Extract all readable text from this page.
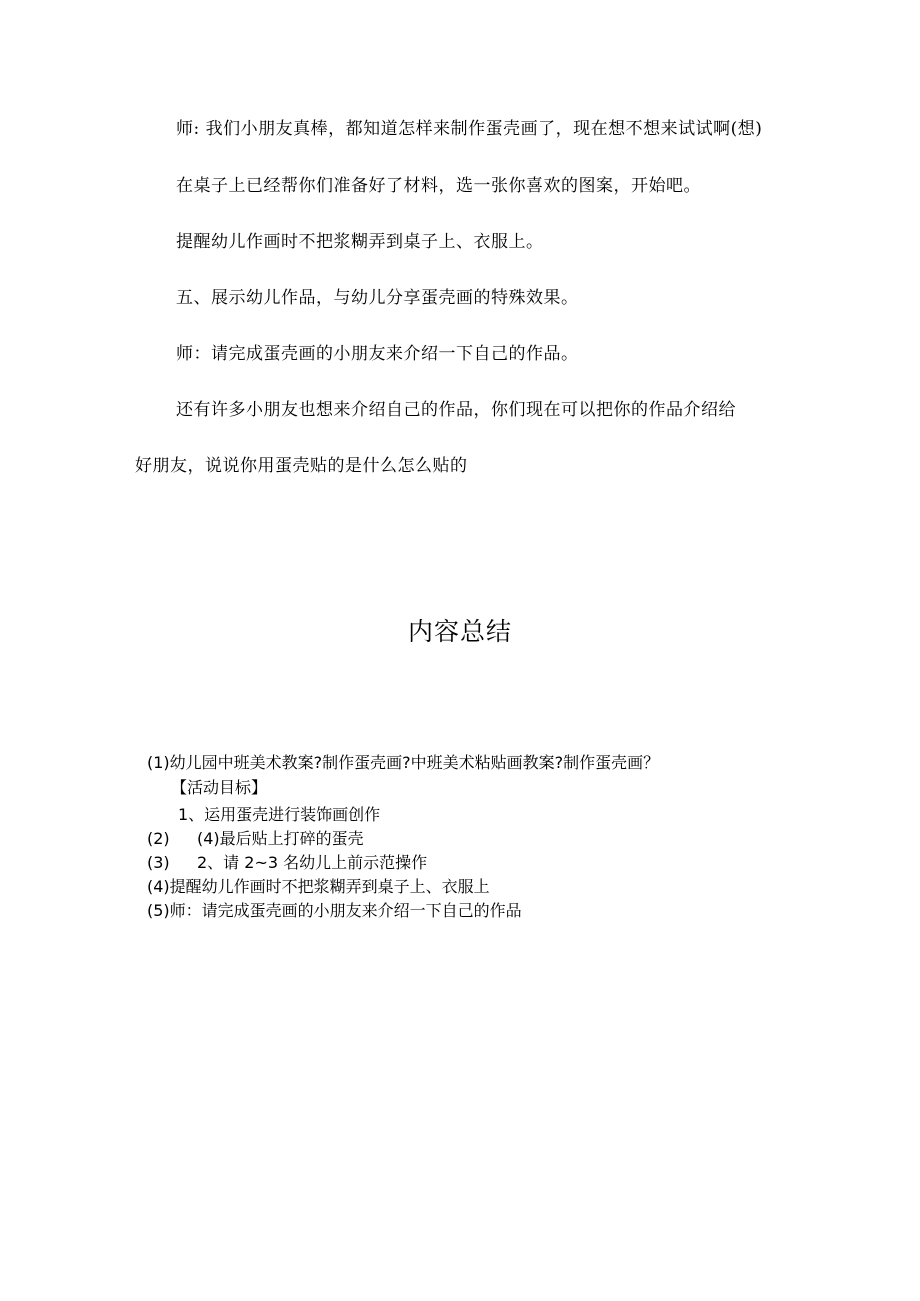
师: 我们小朋友真棒，都知道怎样来制作蛋壳画了，现在想不想来试试啊(想)
在桌子上已经帮你们准备好了材料，选一张你喜欢的图案，开始吧。
提醒幼儿作画时不把浆糊弄到桌子上、衣服上。
五、展示幼儿作品，与幼儿分享蛋壳画的特殊效果。
师：请完成蛋壳画的小朋友来介绍一下自己的作品。
还有许多小朋友也想来介绍自己的作品，你们现在可以把你的作品介绍给
好朋友，说说你用蛋壳贴的是什么怎么贴的
内容总结
(1)幼儿园中班美术教案?制作蛋壳画?中班美术粘贴画教案?制作蛋壳画？
【活动目标】
1、运用蛋壳进行装饰画创作
(2) (4)最后贴上打碎的蛋壳
(3) 2、请 2~3 名幼儿上前示范操作
(4)提醒幼儿作画时不把浆糊弄到桌子上、衣服上
(5)师：请完成蛋壳画的小朋友来介绍一下自己的作品
